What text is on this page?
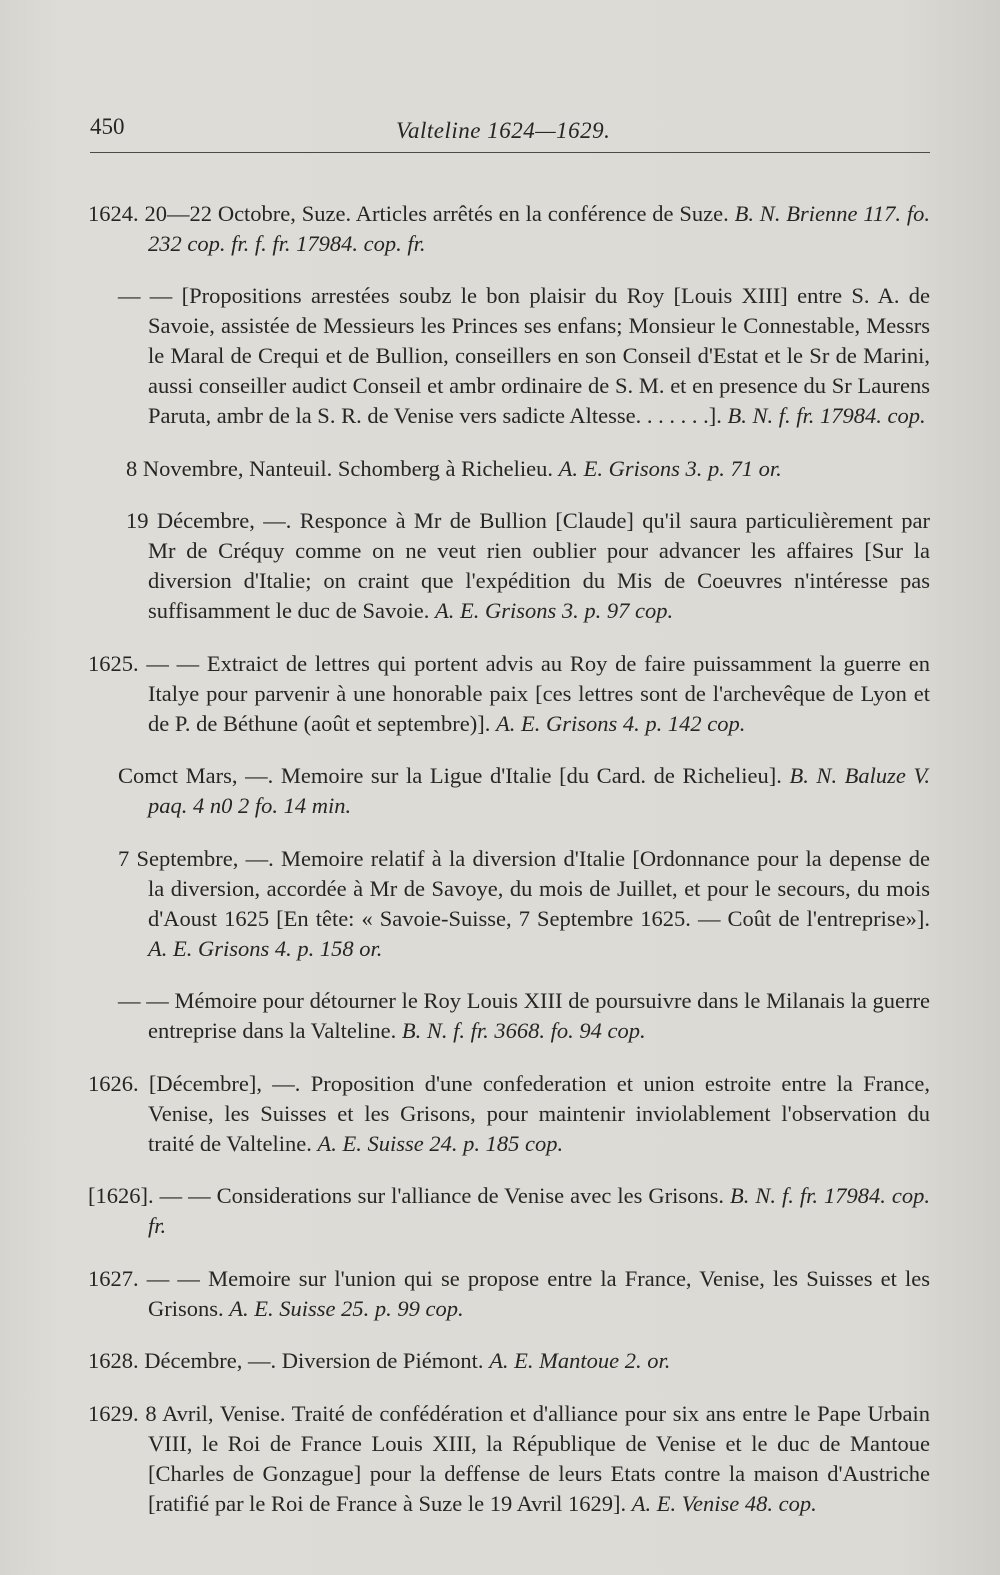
450	Valteline 1624—1629.

1624. 20—22 Octobre, Suze. Articles arrêtés en la conférence de Suze. B. N. Brienne 117. fo. 232 cop. fr. f. fr. 17984. cop. fr.

— — [Propositions arrestées soubz le bon plaisir du Roy [Louis XIII] entre S. A. de Savoie, assistée de Messieurs les Princes ses enfans; Monsieur le Connestable, Messrs le Maral de Crequi et de Bullion, conseillers en son Conseil d'Estat et le Sr de Marini, aussi conseiller audict Conseil et ambr ordinaire de S. M. et en presence du Sr Laurens Paruta, ambr de la S. R. de Venise vers sadicte Altesse. . . . . . .]. B. N. f. fr. 17984. cop.

8 Novembre, Nanteuil. Schomberg à Richelieu. A. E. Grisons 3. p. 71 or.

19 Décembre, —. Responce à Mr de Bullion [Claude] qu'il saura particulièrement par Mr de Créquy comme on ne veut rien oublier pour advancer les affaires [Sur la diversion d'Italie; on craint que l'expédition du Mis de Coeuvres n'intéresse pas suffisamment le duc de Savoie. A. E. Grisons 3. p. 97 cop.

1625. — — Extraict de lettres qui portent advis au Roy de faire puissamment la guerre en Italye pour parvenir à une honorable paix [ces lettres sont de l'archevêque de Lyon et de P. de Béthune (août et septembre)]. A. E. Grisons 4. p. 142 cop.

Comct Mars, —. Memoire sur la Ligue d'Italie [du Card. de Richelieu]. B. N. Baluze V. paq. 4 n0 2 fo. 14 min.

7 Septembre, —. Memoire relatif à la diversion d'Italie [Ordonnance pour la depense de la diversion, accordée à Mr de Savoye, du mois de Juillet, et pour le secours, du mois d'Aoust 1625 [En tête: « Savoie-Suisse, 7 Septembre 1625. — Coût de l'entreprise»]. A. E. Grisons 4. p. 158 or.

— — Mémoire pour détourner le Roy Louis XIII de poursuivre dans le Milanais la guerre entreprise dans la Valteline. B. N. f. fr. 3668. fo. 94 cop.

1626. [Décembre], —. Proposition d'une confederation et union estroite entre la France, Venise, les Suisses et les Grisons, pour maintenir inviolablement l'observation du traité de Valteline. A. E. Suisse 24. p. 185 cop.

[1626]. — — Considerations sur l'alliance de Venise avec les Grisons. B. N. f. fr. 17984. cop. fr.

1627. — — Memoire sur l'union qui se propose entre la France, Venise, les Suisses et les Grisons. A. E. Suisse 25. p. 99 cop.

1628. Décembre, —. Diversion de Piémont. A. E. Mantoue 2. or.

1629. 8 Avril, Venise. Traité de confédération et d'alliance pour six ans entre le Pape Urbain VIII, le Roi de France Louis XIII, la République de Venise et le duc de Mantoue [Charles de Gonzague] pour la deffense de leurs Etats contre la maison d'Austriche [ratifié par le Roi de France à Suze le 19 Avril 1629]. A. E. Venise 48. cop.
